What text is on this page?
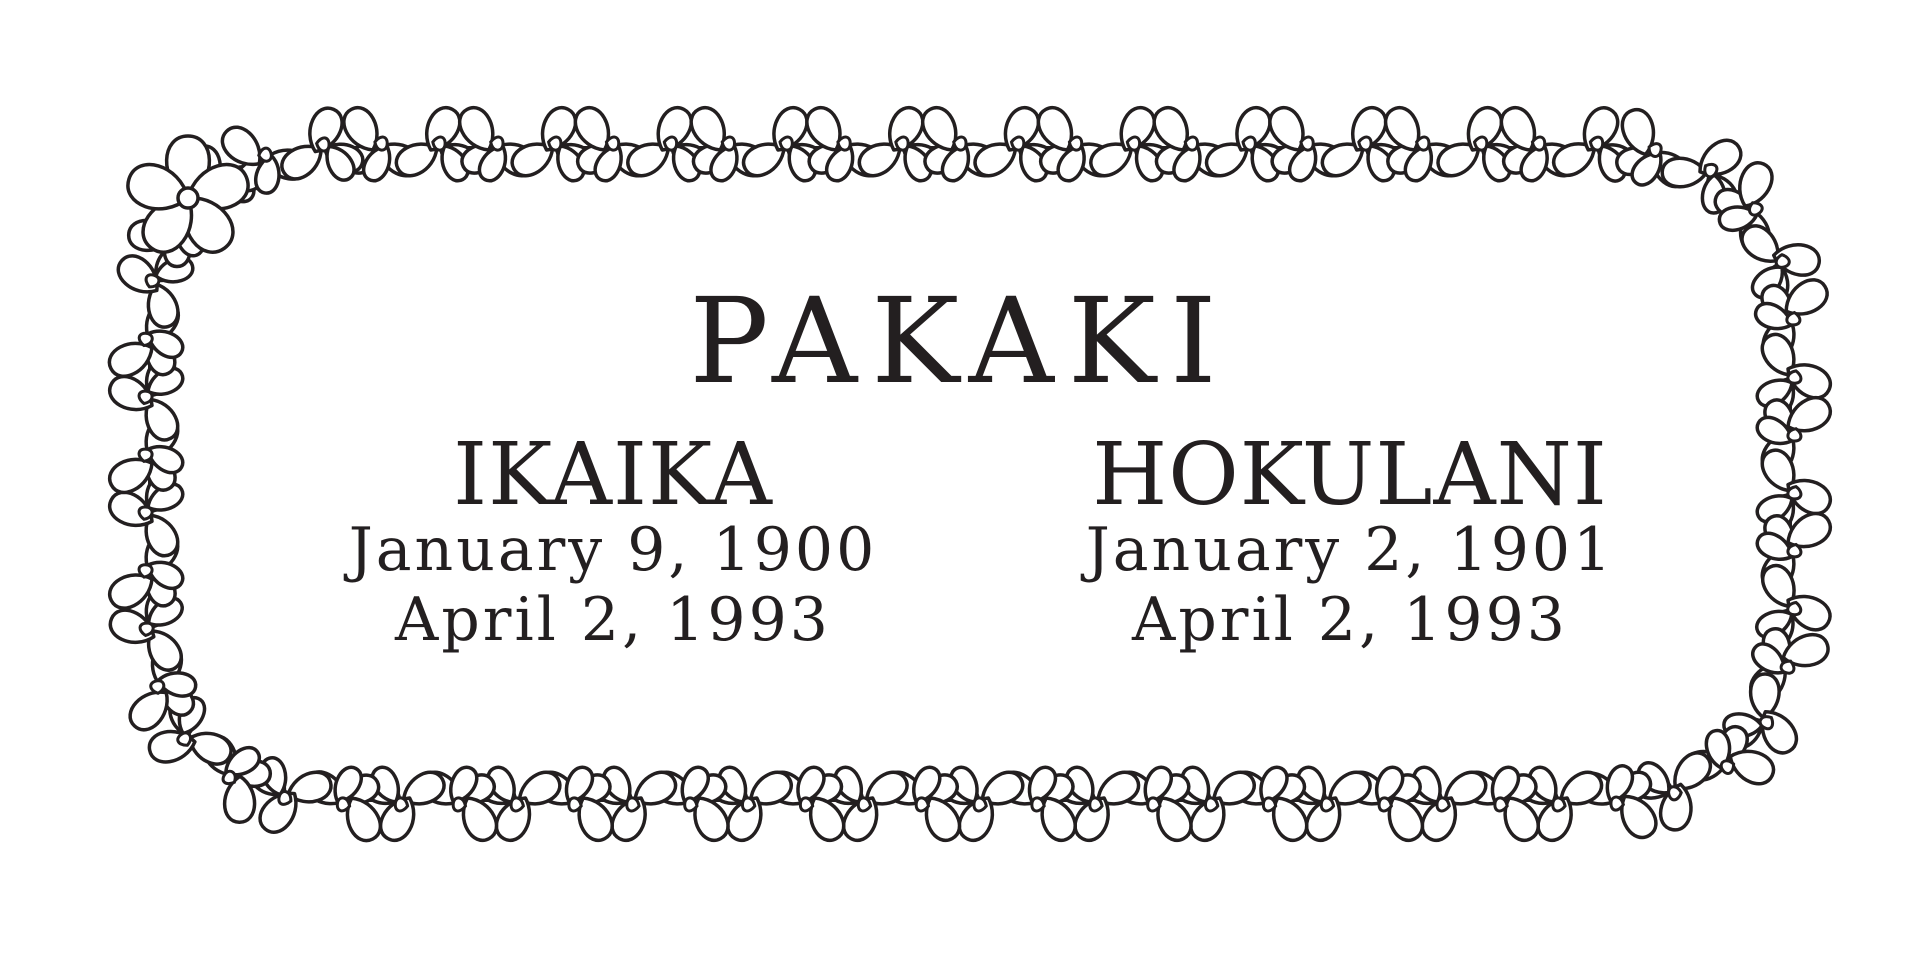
PAKAKI
IKAIKA
January 9, 1900
April 2, 1993
HOKULANI
January 2, 1901
April 2, 1993
